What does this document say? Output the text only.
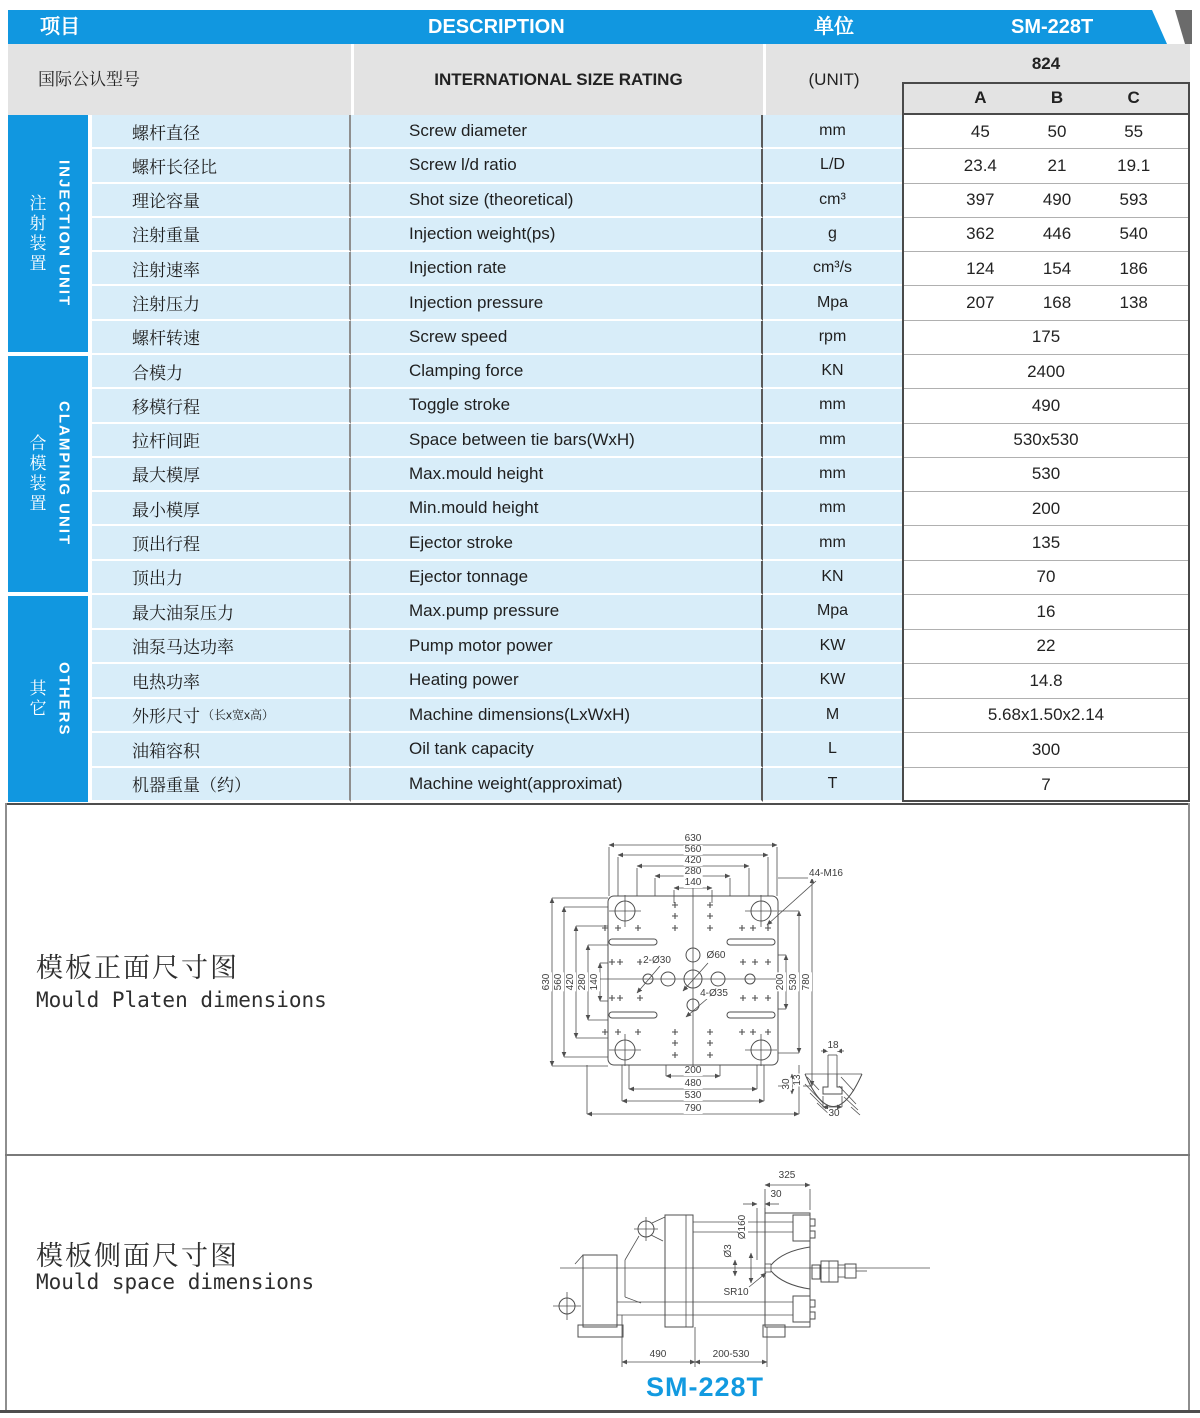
项目	DESCRIPTION	单位	SM-228T
国际公认型号	INTERNATIONAL SIZE RATING	(UNIT)
824
注射装置 INJECTION UNIT
合模装置 CLAMPING UNIT
其它 OTHERS
螺杆直径	Screw diameter	mm	45	50	55
螺杆长径比	Screw l/d ratio	L/D	23.4	21	19.1
理论容量	Shot size (theoretical)	cm³	397	490	593
注射重量	Injection weight(ps)	g	362	446	540
注射速率	Injection rate	cm³/s	124	154	186
注射压力	Injection pressure	Mpa	207	168	138
螺杆转速	Screw speed	rpm	175
合模力	Clamping force	KN	2400
移模行程	Toggle stroke	mm	490
拉杆间距	Space between tie bars(WxH)	mm	530x530
最大模厚	Max.mould height	mm	530
最小模厚	Min.mould height	mm	200
顶出行程	Ejector stroke	mm	135
顶出力	Ejector tonnage	KN	70
最大油泵压力	Max.pump pressure	Mpa	16
油泵马达功率	Pump motor power	KW	22
电热功率	Heating power	KW	14.8
外形尺寸 （长x宽x高）	Machine dimensions(LxWxH)	M	5.68x1.50x2.14
油箱容积	Oil tank capacity	L	300
机器重量（约）	Machine weight(approximat)	T	7
A	B	C
模板正面尺寸图
Mould Platen dimensions
模板侧面尺寸图
Mould space dimensions
630
560
420
280
140
630 560 420 280 140	200 530 780
200
480
530
790
44-M16
2-Ø30	Ø60
4-Ø35
18
30 13
30
325
30
Ø160
Ø3
SR10
490	200-530
SM-228T
